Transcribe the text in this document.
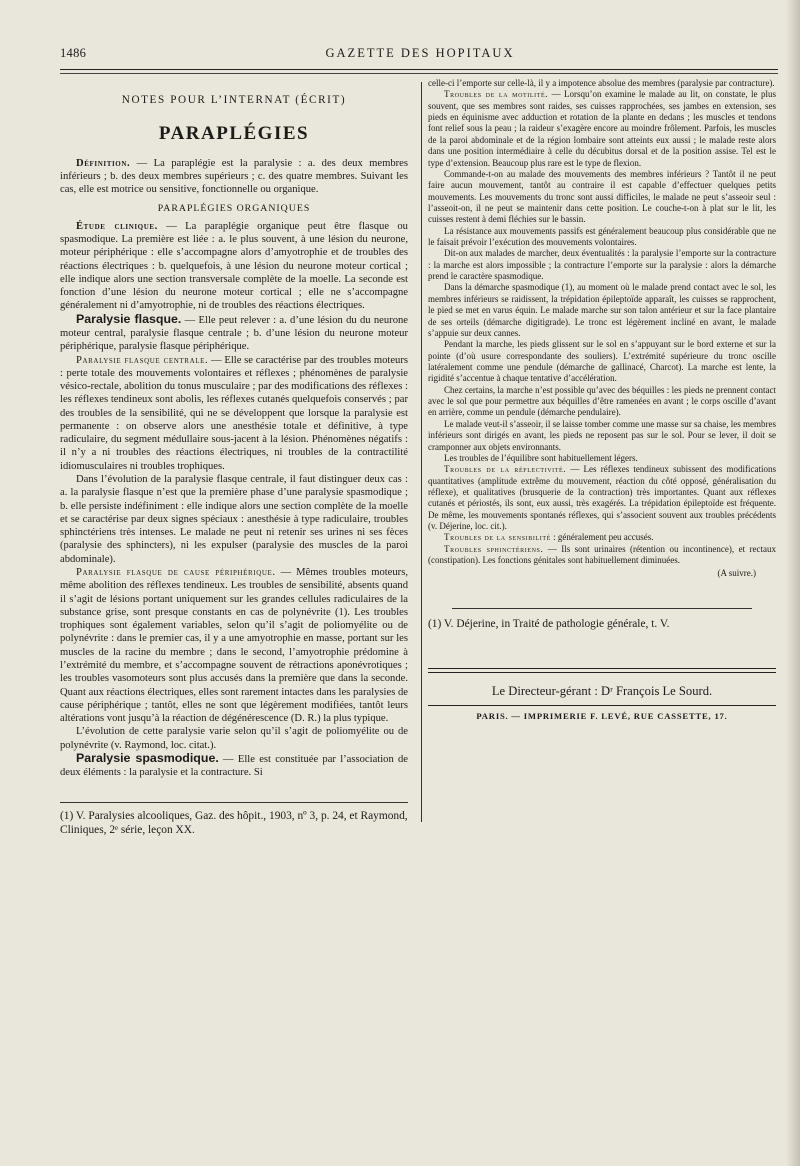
1486	GAZETTE DES HOPITAUX
NOTES POUR L’INTERNAT (ÉCRIT)
PARAPLÉGIES

Définition. — La paraplégie est la paralysie : a. des deux membres inférieurs ; b. des deux membres supérieurs ; c. des quatre membres. Suivant les cas, elle est motrice ou sensitive, fonctionnelle ou organique.

PARAPLÉGIES ORGANIQUES

Étude clinique. — La paraplégie organique peut être flasque ou spasmodique. La première est liée : a. le plus souvent, à une lésion du neurone, moteur périphérique : elle s’accompagne alors d’amyotrophie et de troubles des réactions électriques : b. quelquefois, à une lésion du neurone moteur cortical ; elle indique alors une section transversale complète de la moelle. La seconde est fonction d’une lésion du neurone moteur cortical ; elle ne s’accompagne généralement ni d’amyotrophie, ni de troubles des réactions électriques.

Paralysie flasque. — Elle peut relever : a. d’une lésion du du neurone moteur central, paralysie flasque centrale ; b. d’une lésion du neurone moteur périphérique, paralysie flasque périphérique.

Paralysie flasque centrale. — Elle se caractérise par des troubles moteurs : perte totale des mouvements volontaires et réflexes ; phénomènes de paralysie vésico-rectale, abolition du tonus musculaire ; par des modifications des réflexes : les réflexes tendineux sont abolis, les réflexes cutanés quelquefois conservés ; par des troubles de la sensibilité, qui ne se développent que lorsque la paralysie est permanente : on observe alors une anesthésie totale et définitive, à type radiculaire, du segment médullaire sous-jacent à la lésion. Phénomènes négatifs : il n’y a ni troubles des réactions électriques, ni troubles de la contractilité idiomusculaires ni troubles trophiques.

Dans l’évolution de la paralysie flasque centrale, il faut distinguer deux cas : a. la paralysie flasque n’est que la première phase d’une paralysie spasmodique ; b. elle persiste indéfiniment : elle indique alors une section complète de la moelle et se caractérise par deux signes spéciaux : anesthésie à type radiculaire, troubles sphinctériens très intenses. Le malade ne peut ni retenir ses urines ni ses fèces (paralysie des sphincters), ni les expulser (paralysie des muscles de la paroi abdominale).

Paralysie flasque de cause périphérique. — Mêmes troubles moteurs, même abolition des réflexes tendineux. Les troubles de sensibilité, absents quand il s’agit de lésions portant uniquement sur les grandes cellules radiculaires de la substance grise, sont presque constants en cas de polynévrite (1). Les troubles trophiques sont également variables, selon qu’il s’agit de poliomyélite ou de polynévrite : dans le premier cas, il y a une amyotrophie en masse, portant sur les muscles de la racine du membre ; dans le second, l’amyotrophie prédomine à l’extrémité du membre, et s’accompagne souvent de rétractions aponévrotiques ; les troubles vasomoteurs sont plus accusés dans la première que dans la seconde. Quant aux réactions électriques, elles sont rarement intactes dans les paralysies de cause périphérique ; tantôt, elles ne sont que légèrement modifiées, tantôt leurs altérations vont jusqu’à la réaction de dégénérescence (D. R.) la plus typique.

L’évolution de cette paralysie varie selon qu’il s’agit de poliomyélite ou de polynévrite (v. Raymond, loc. citat.).

Paralysie spasmodique. — Elle est constituée par l’association de deux éléments : la paralysie et la contracture. Si

(1) V. Paralysies alcooliques, Gaz. des hôpit., 1903, nº 3, p. 24, et Raymond, Cliniques, 2ᵉ série, leçon XX.

celle-ci l’emporte sur celle-là, il y a impotence absolue des membres (paralysie par contracture).

Troubles de la motilité. — Lorsqu’on examine le malade au lit, on constate, le plus souvent, que ses membres sont raides, ses cuisses rapprochées, ses jambes en extension, ses pieds en équinisme avec adduction et rotation de la plante en dedans ; les muscles et tendons font relief sous la peau ; la raideur s’exagère encore au moindre frôlement. Parfois, les muscles de la paroi abdominale et de la région lombaire sont atteints eux aussi ; le malade reste alors dans une position intermédiaire à celle du décubitus dorsal et de la position assise. Tel est le type d’extension. Beaucoup plus rare est le type de flexion.

Commande-t-on au malade des mouvements des membres inférieurs ? Tantôt il ne peut faire aucun mouvement, tantôt au contraire il est capable d’effectuer quelques petits mouvements. Les mouvements du tronc sont aussi difficiles, le malade ne peut s’asseoir seul : l’asseoit-on, il ne peut se maintenir dans cette position. Le couche-t-on à plat sur le lit, les cuisses restent à demi fléchies sur le bassin.

La résistance aux mouvements passifs est généralement beaucoup plus considérable que ne le faisait prévoir l’exécution des mouvements volontaires.

Dit-on aux malades de marcher, deux éventualités : la paralysie l’emporte sur la contracture : la marche est alors impossible ; la contracture l’emporte sur la paralysie : alors la démarche prend le caractère spasmodique.

Dans la démarche spasmodique (1), au moment où le malade prend contact avec le sol, les membres inférieurs se raidissent, la trépidation épileptoïde apparaît, les cuisses se rapprochent, le pied se met en varus équin. Le malade marche sur son talon antérieur et sur la face plantaire de ses orteils (démarche digitigrade). Le tronc est légèrement incliné en avant, le malade s’appuie sur deux cannes.

Pendant la marche, les pieds glissent sur le sol en s’appuyant sur le bord externe et sur la pointe (d’où usure correspondante des souliers). L’extrémité supérieure du tronc oscille latéralement comme une pendule (démarche de gallinacé, Charcot). La marche est lente, la rigidité s’accentue à chaque tentative d’accélération.

Chez certains, la marche n’est possible qu’avec des béquilles : les pieds ne prennent contact avec le sol que pour permettre aux béquilles d’être ramenées en avant ; le corps oscille d’avant en arrière, comme un pendule (démarche pendulaire).

Le malade veut-il s’asseoir, il se laisse tomber comme une masse sur sa chaise, les membres inférieurs sont dirigés en avant, les pieds ne reposent pas sur le sol. Pour se lever, il doit se cramponner aux objets environnants.

Les troubles de l’équilibre sont habituellement légers.

Troubles de la réflectivité. — Les réflexes tendineux subissent des modifications quantitatives (amplitude extrême du mouvement, réaction du côté opposé, généralisation du réflexe), et qualitatives (brusquerie de la contraction) très importantes. Quant aux réflexes cutanés et périostés, ils sont, eux aussi, très exagérés. La trépidation épileptoïde est fréquente. De même, les mouvements spontanés réflexes, qui s’associent souvent aux troubles précédents (v. Déjerine, loc. cit.).

Troubles de la sensibilité : généralement peu accusés.

Troubles sphinctériens. — Ils sont urinaires (rétention ou incontinence), et rectaux (constipation). Les fonctions génitales sont habituellement diminuées.

(A suivre.)
(1) V. Déjerine, in Traité de pathologie générale, t. V.
Le Directeur-gérant : Dʳ François Le Sourd.
PARIS. — IMPRIMERIE F. LEVÉ, RUE CASSETTE, 17.
